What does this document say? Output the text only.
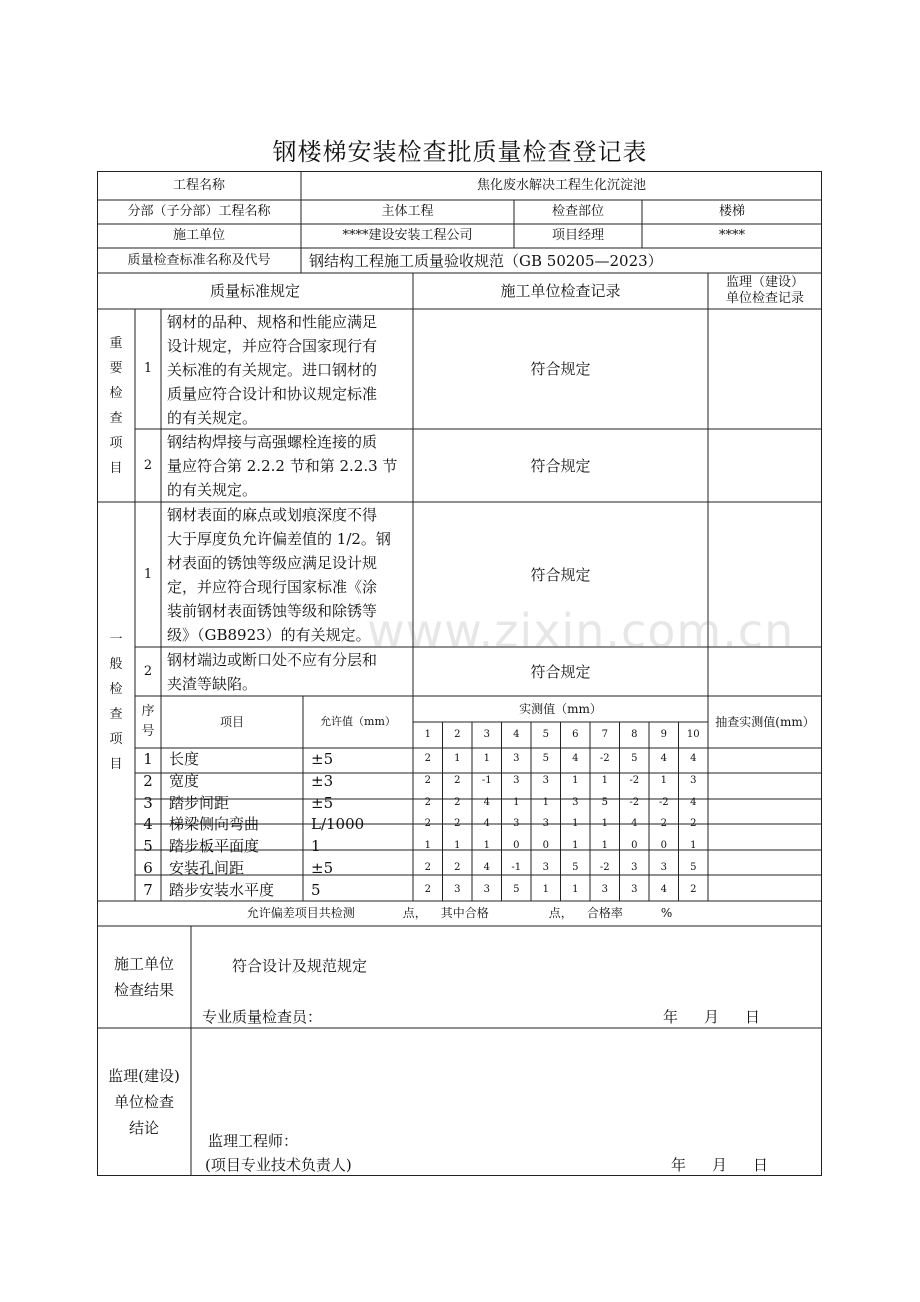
钢楼梯安装检查批质量检查登记表
工程名称	焦化废水解决工程生化沉淀池
分部（子分部）工程名称	主体工程	检查部位	楼梯
施工单位	****建设安装工程公司	项目经理	****
质量检查标准名称及代号	钢结构工程施工质量验收规范（GB 50205—2023）
质量标准规定	施工单位检查记录	监理（建设）
单位检查记录
重
要
检
查
项
目
1
钢材的品种、规格和性能应满足
设计规定，并应符合国家现行有
关标准的有关规定。进口钢材的
质量应符合设计和协议规定标准
的有关规定。
符合规定
2
钢结构焊接与高强螺栓连接的质
量应符合第 2.2.2 节和第 2.2.3 节
的有关规定。
符合规定
一
般
检
查
项
目
1
钢材表面的麻点或划痕深度不得
大于厚度负允许偏差值的 1/2。钢
材表面的锈蚀等级应满足设计规
定，并应符合现行国家标准《涂
装前钢材表面锈蚀等级和除锈等
级》（GB8923）的有关规定。
符合规定
2
钢材端边或断口处不应有分层和
夹渣等缺陷。
符合规定
序
号
项目	允许值（mm）
实测值（mm）
抽查实测值(mm）
1	2	3	4	5	6	7	8	9	10
1	长度	±5	2	1	1	3	5	4	-2	5	4	4
2	宽度	±3	2	2	-1	3	3	1	1	-2	1	3
3	踏步间距	±5	2	2	4	1	1	3	5	-2	-2	4
4	梯梁侧向弯曲	L/1000	2	2	4	3	3	1	1	4	2	2
5	踏步板平面度	1	1	1	1	0	0	1	1	0	0	1
6	安装孔间距	±5	2	2	4	-1	3	5	-2	3	3	5
7	踏步安装水平度	5	2	3	3	5	1	1	3	3	4	2
允许偏差项目共检测	点， 其中合格	点， 合格率	%
施工单位
检查结果
符合设计及规范规定
专业质量检查员：	年 月 日
监理(建设)
单位检查
结论
监理工程师：
(项目专业技术负责人)	年 月 日
www.zixin.com.cn
